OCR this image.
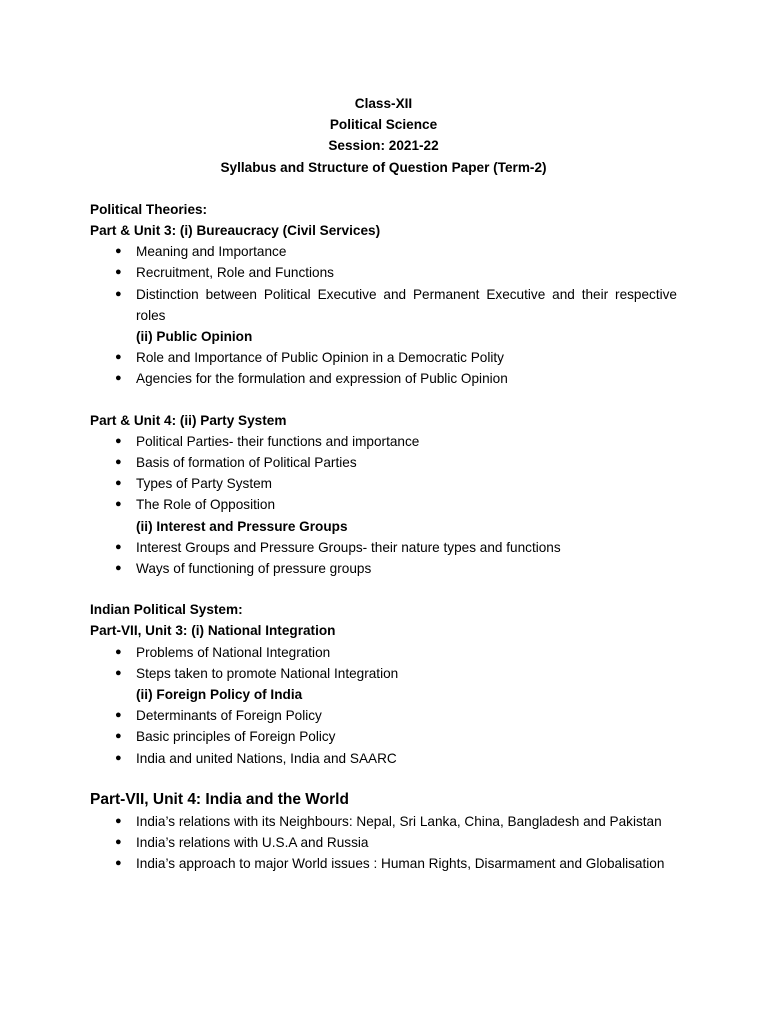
Class-XII
Political Science
Session: 2021-22
Syllabus and Structure of Question Paper (Term-2)
Political Theories:
Part & Unit 3: (i) Bureaucracy (Civil Services)
● Meaning and Importance
● Recruitment, Role and Functions
● Distinction between Political Executive and Permanent Executive and their respective roles
(ii) Public Opinion
● Role and Importance of Public Opinion in a Democratic Polity
● Agencies for the formulation and expression of Public Opinion
Part & Unit 4: (ii) Party System
● Political Parties- their functions and importance
● Basis of formation of Political Parties
● Types of Party System
● The Role of Opposition
(ii) Interest and Pressure Groups
● Interest Groups and Pressure Groups- their nature types and functions
● Ways of functioning of pressure groups
Indian Political System:
Part-VII, Unit 3: (i) National Integration
● Problems of National Integration
● Steps taken to promote National Integration
(ii) Foreign Policy of India
● Determinants of Foreign Policy
● Basic principles of Foreign Policy
● India and united Nations, India and SAARC
Part-VII, Unit 4: India and the World
● India’s relations with its Neighbours: Nepal, Sri Lanka, China, Bangladesh and Pakistan
● India’s relations with U.S.A and Russia
● India’s approach to major World issues : Human Rights, Disarmament and Globalisation
